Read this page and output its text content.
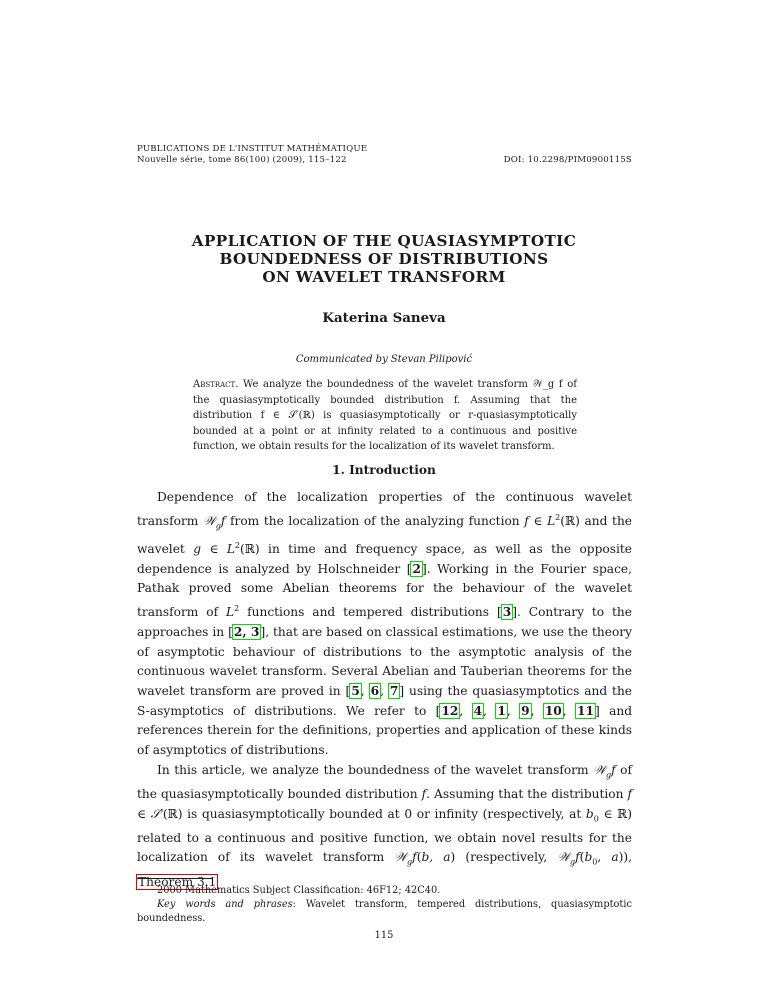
PUBLICATIONS DE L'INSTITUT MATHÉMATIQUE
Nouvelle série, tome 86(100) (2009), 115–122	DOI: 10.2298/PIM0900115S
APPLICATION OF THE QUASIASYMPTOTIC
BOUNDEDNESS OF DISTRIBUTIONS
ON WAVELET TRANSFORM
Katerina Saneva
Communicated by Stevan Pilipović
Abstract. We analyze the boundedness of the wavelet transform 𝒲_g f of the quasiasymptotically bounded distribution f. Assuming that the distribution f ∈ 𝒮′(ℝ) is quasiasymptotically or r-quasiasymptotically bounded at a point or at infinity related to a continuous and positive function, we obtain results for the localization of its wavelet transform.
1. Introduction

Dependence of the localization properties of the continuous wavelet transform 𝒲$_g$f from the localization of the analyzing function f ∈ $L^2(ℝ)$ and the wavelet g ∈ $L^2(ℝ)$ in time and frequency space, as well as the opposite dependence is analyzed by Holschneider [2]. Working in the Fourier space, Pathak proved some Abelian theorems for the behaviour of the wavelet transform of $L^2$ functions and tempered distributions [3]. Contrary to the approaches in [2, 3], that are based on classical estimations, we use the theory of asymptotic behaviour of distributions to the asymptotic analysis of the continuous wavelet transform. Several Abelian and Tauberian theorems for the wavelet transform are proved in [5, 6, 7] using the quasiasymptotics and the S-asymptotics of distributions. We refer to [12, 4, 1, 9, 10, 11] and references therein for the definitions, properties and application of these kinds of asymptotics of distributions.

In this article, we analyze the boundedness of the wavelet transform 𝒲$_g$f of the quasiasymptotically bounded distribution f. Assuming that the distribution f ∈ 𝒮′(ℝ) is quasiasymptotically bounded at 0 or infinity (respectively, at $b_0$ ∈ ℝ) related to a continuous and positive function, we obtain novel results for the localization of its wavelet transform 𝒲$_g$f(b, a) (respectively, $𝒲_gf(b_0$, a)), Theorem 3.1

2000 Mathematics Subject Classification: 46F12; 42C40.

Key words and phrases: Wavelet transform, tempered distributions, quasiasymptotic boundedness.

115
